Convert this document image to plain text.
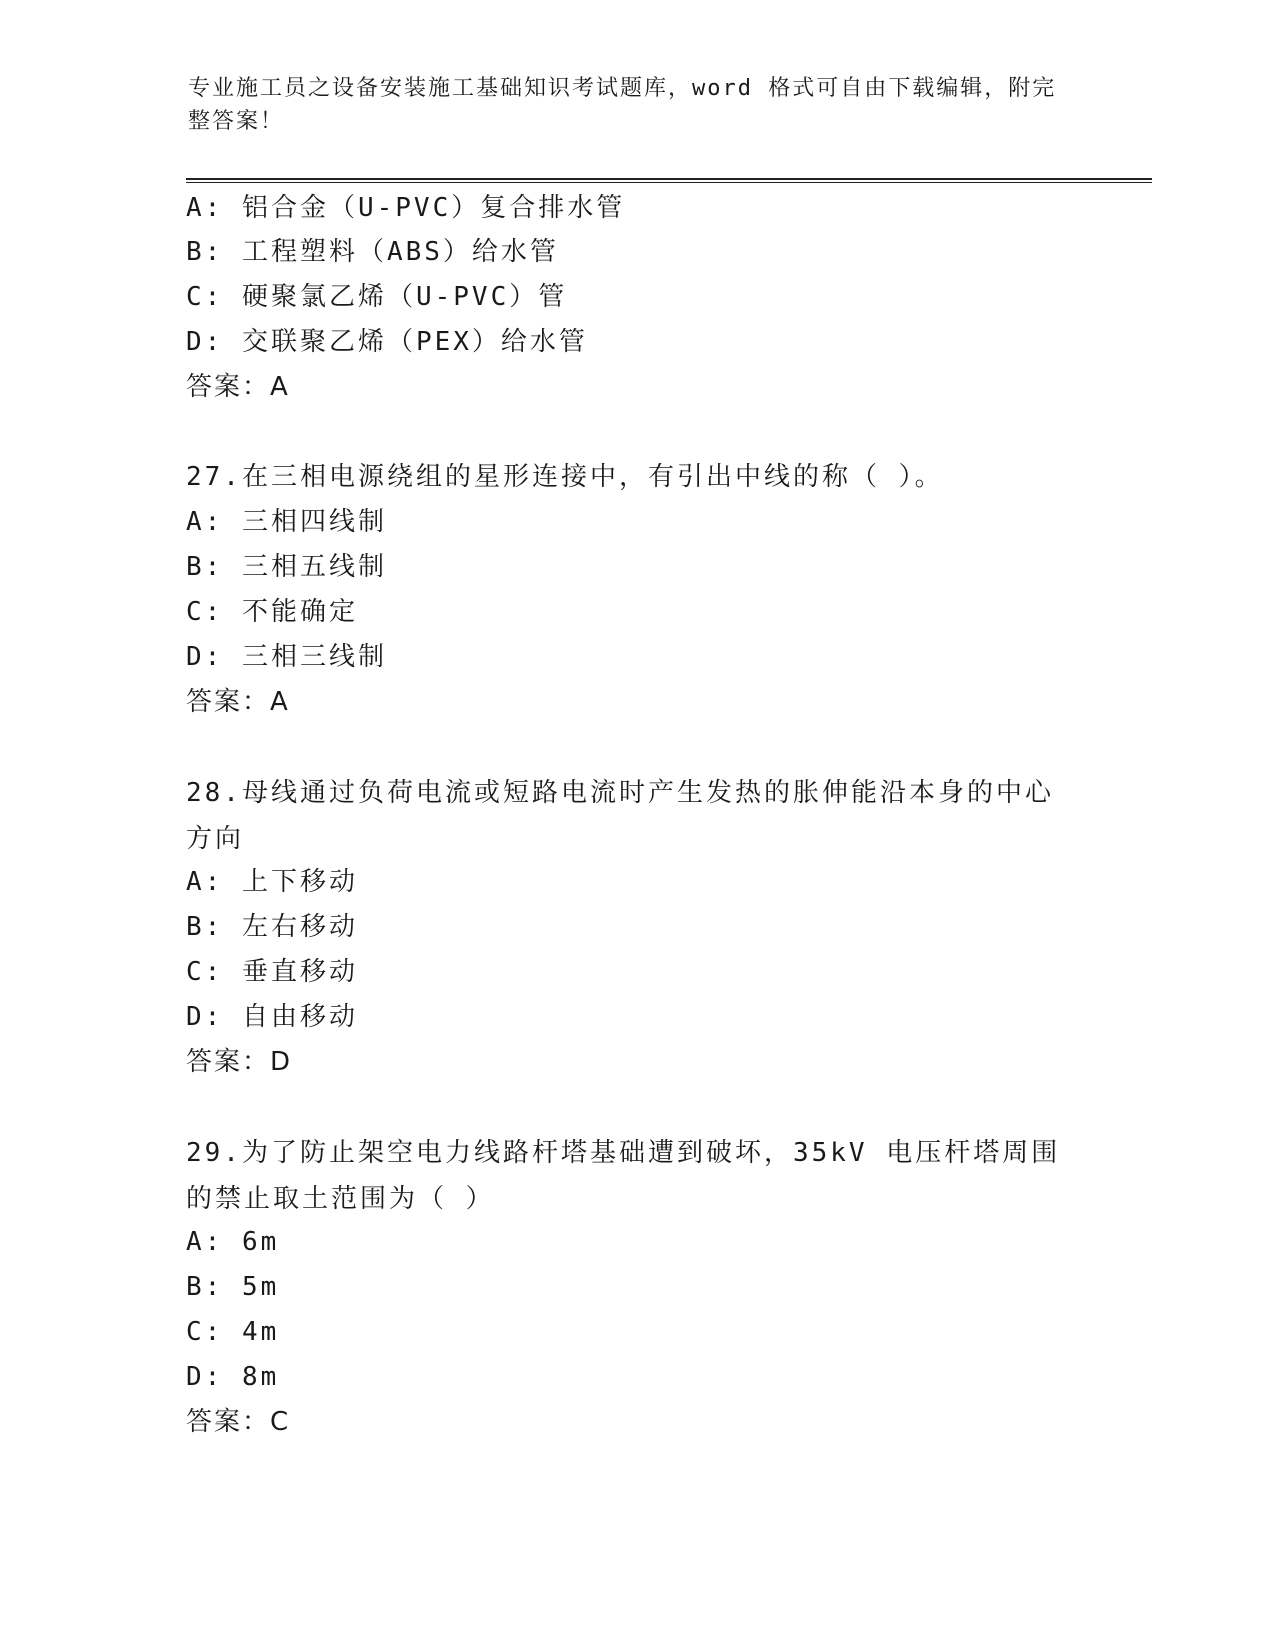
专业施工员之设备安装施工基础知识考试题库，word 格式可自由下载编辑，附完整答案！
A: 铝合金（U-PVC）复合排水管
B: 工程塑料（ABS）给水管
C: 硬聚氯乙烯（U-PVC）管
D: 交联聚乙烯（PEX）给水管
答案：A
27.在三相电源绕组的星形连接中，有引出中线的称（ ）。
A: 三相四线制
B: 三相五线制
C: 不能确定
D: 三相三线制
答案：A
28.母线通过负荷电流或短路电流时产生发热的胀伸能沿本身的中心方向
A: 上下移动
B: 左右移动
C: 垂直移动
D: 自由移动
答案：D
29.为了防止架空电力线路杆塔基础遭到破坏，35kV 电压杆塔周围的禁止取土范围为（ ）
A: 6m
B: 5m
C: 4m
D: 8m
答案：C
